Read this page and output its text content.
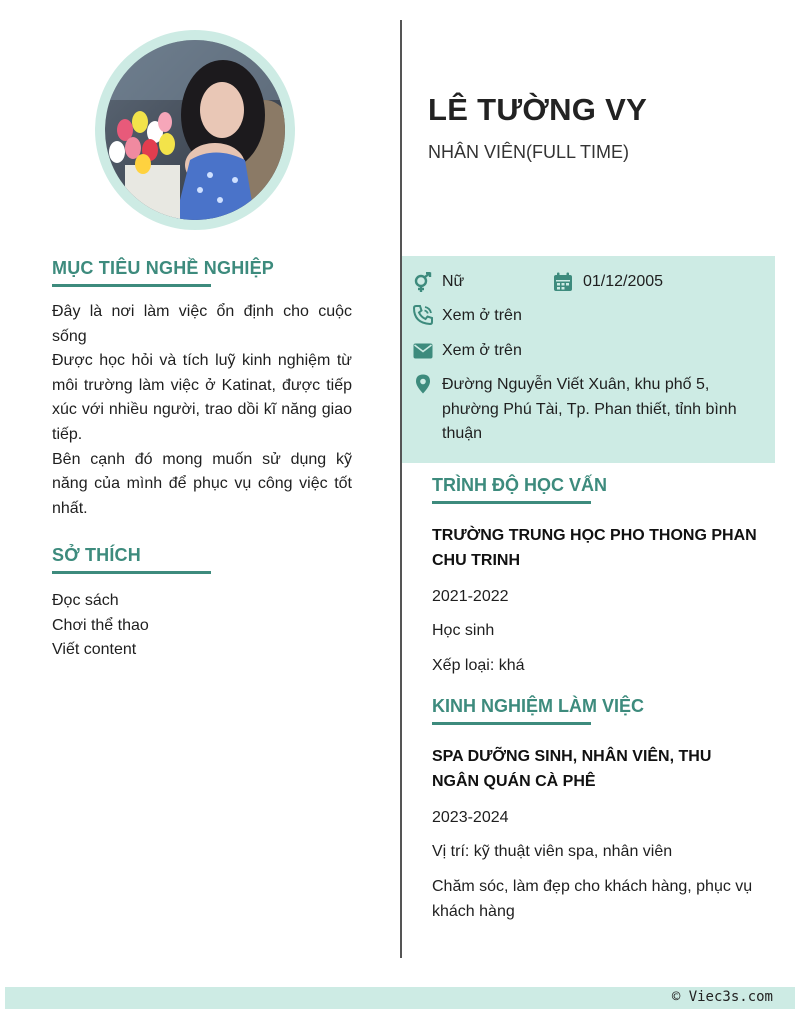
LÊ TƯỜNG VY
NHÂN VIÊN(FULL TIME)
MỤC TIÊU NGHỀ NGHIỆP

Đây là nơi làm việc ổn định cho cuộc sống

Được học hỏi và tích luỹ kinh nghiệm từ môi trường làm việc ở Katinat, được tiếp xúc với nhiều người, trao dồi kĩ năng giao tiếp.

Bên cạnh đó mong muốn sử dụng kỹ năng của mình để phục vụ công việc tốt nhất.

SỞ THÍCH
Đọc sách
Chơi thể thao
Viết content
Nữ	01/12/2005
Xem ở trên
Xem ở trên
Đường Nguyễn Viết Xuân, khu phố 5, phường Phú Tài, Tp. Phan thiết, tỉnh bình thuận
TRÌNH ĐỘ HỌC VẤN
TRƯỜNG TRUNG HỌC PHO THONG PHAN CHU TRINH
2021-2022
Học sinh
Xếp loại: khá
KINH NGHIỆM LÀM VIỆC
SPA DƯỠNG SINH, NHÂN VIÊN, THU NGÂN QUÁN CÀ PHÊ
2023-2024
Vị trí: kỹ thuật viên spa, nhân viên
Chăm sóc, làm đẹp cho khách hàng, phục vụ khách hàng
© Viec3s.com
